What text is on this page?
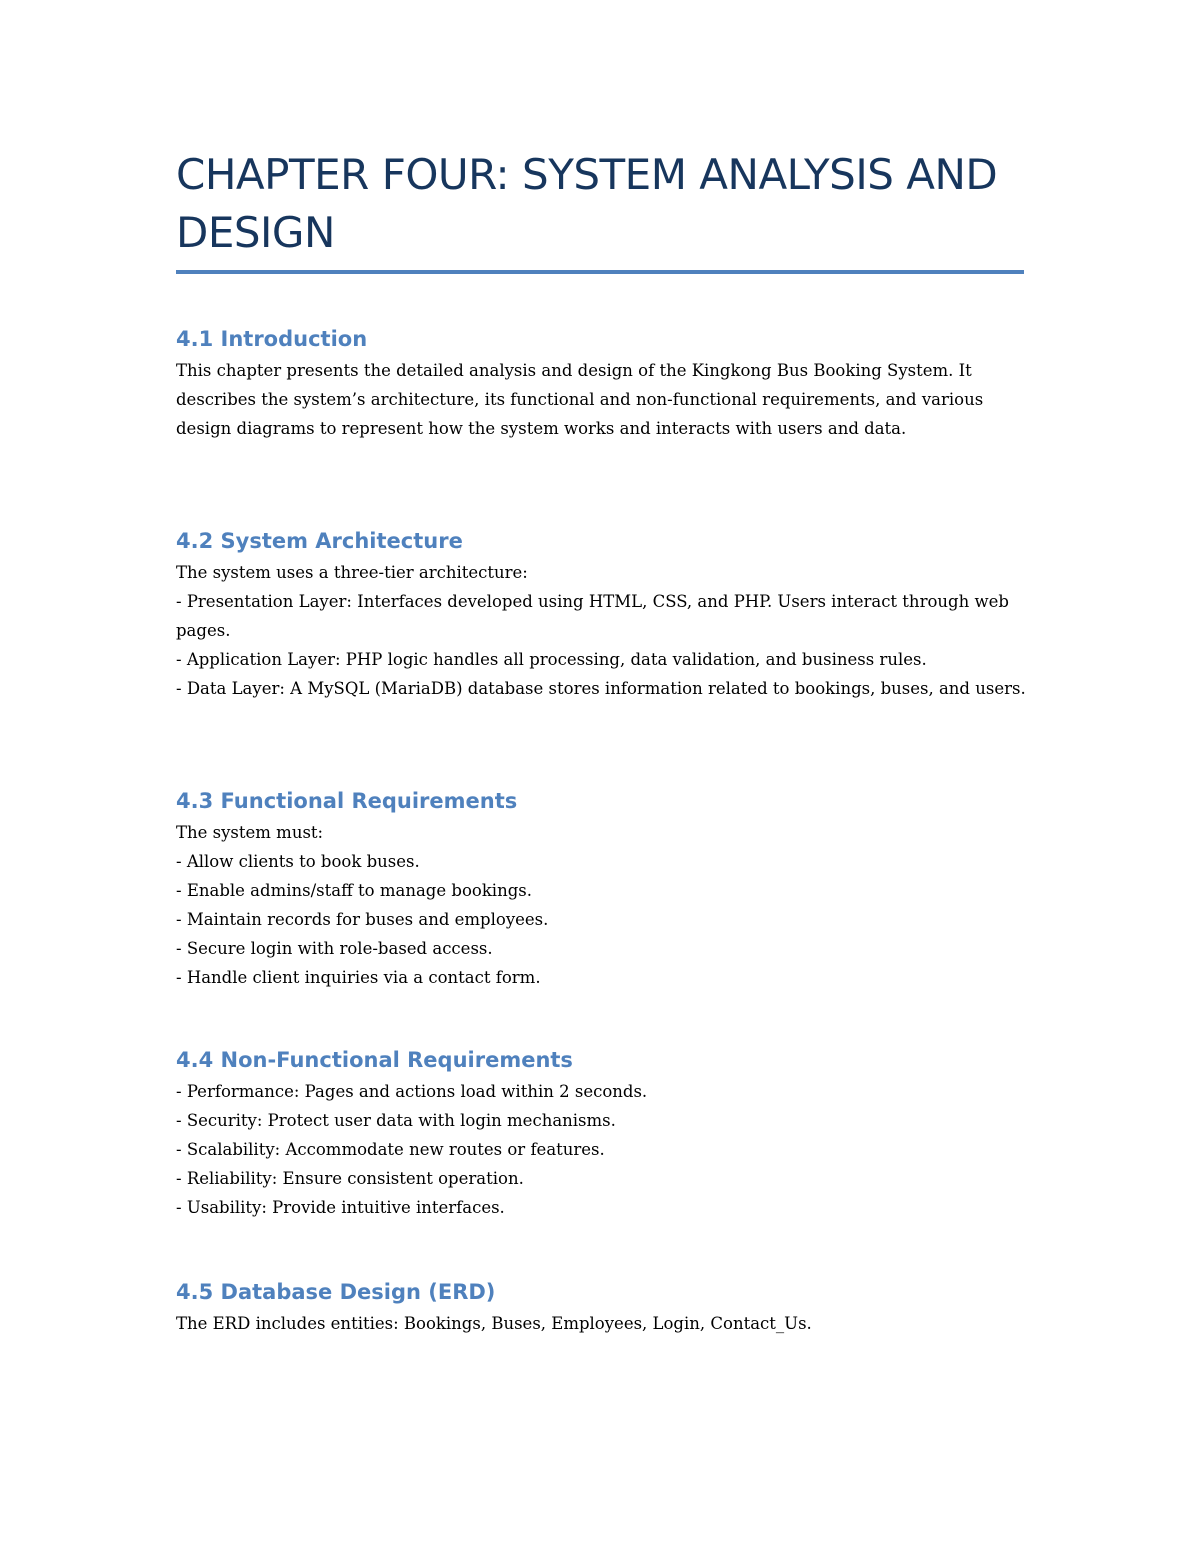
CHAPTER FOUR: SYSTEM ANALYSIS AND DESIGN
4.1 Introduction

This chapter presents the detailed analysis and design of the Kingkong Bus Booking System. It describes the system’s architecture, its functional and non-functional requirements, and various design diagrams to represent how the system works and interacts with users and data.

4.2 System Architecture

The system uses a three-tier architecture:

- Presentation Layer: Interfaces developed using HTML, CSS, and PHP. Users interact through web pages.

- Application Layer: PHP logic handles all processing, data validation, and business rules.

- Data Layer: A MySQL (MariaDB) database stores information related to bookings, buses, and users.

4.3 Functional Requirements

The system must:

- Allow clients to book buses.

- Enable admins/staff to manage bookings.

- Maintain records for buses and employees.

- Secure login with role-based access.

- Handle client inquiries via a contact form.

4.4 Non-Functional Requirements

- Performance: Pages and actions load within 2 seconds.

- Security: Protect user data with login mechanisms.

- Scalability: Accommodate new routes or features.

- Reliability: Ensure consistent operation.

- Usability: Provide intuitive interfaces.

4.5 Database Design (ERD)

The ERD includes entities: Bookings, Buses, Employees, Login, Contact_Us.
